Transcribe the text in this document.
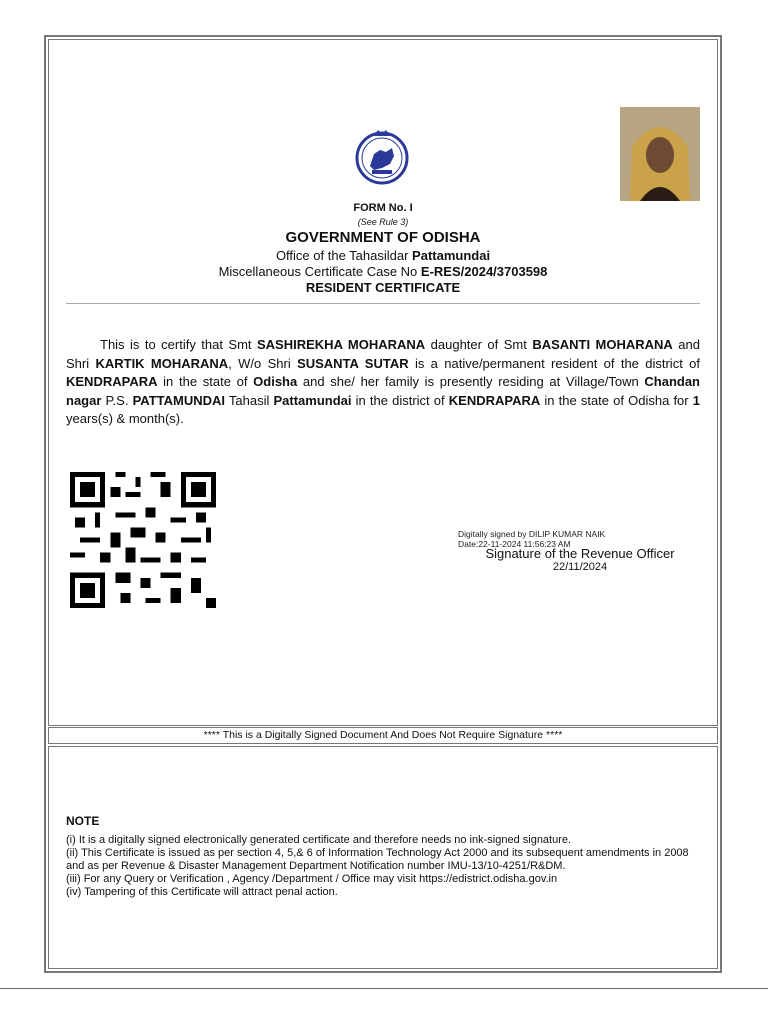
FORM No. I
(See Rule 3)
GOVERNMENT OF ODISHA
Office of the Tahasildar Pattamundai
Miscellaneous Certificate Case No E-RES/2024/3703598
RESIDENT CERTIFICATE
This is to certify that Smt SASHIREKHA MOHARANA daughter of Smt BASANTI MOHARANA and Shri KARTIK MOHARANA, W/o Shri SUSANTA SUTAR is a native/permanent resident of the district of KENDRAPARA in the state of Odisha and she/ her family is presently residing at Village/Town Chandan nagar P.S. PATTAMUNDAI Tahasil Pattamundai in the district of KENDRAPARA in the state of Odisha for 1 years(s) & month(s).
Digitally signed by DILIP KUMAR NAIK
Date:22-11-2024 11:56:23 AM
Signature of the Revenue Officer
22/11/2024
**** This is a Digitally Signed Document And Does Not Require Signature ****
NOTE
(i) It is a digitally signed electronically generated certificate and therefore needs no ink-signed signature.
(ii) This Certificate is issued as per section 4, 5,& 6 of Information Technology Act 2000 and its subsequent amendments in 2008 and as per Revenue & Disaster Management Department Notification number IMU-13/10-4251/R&DM.
(iii) For any Query or Verification , Agency /Department / Office may visit https://edistrict.odisha.gov.in
(iv) Tampering of this Certificate will attract penal action.
